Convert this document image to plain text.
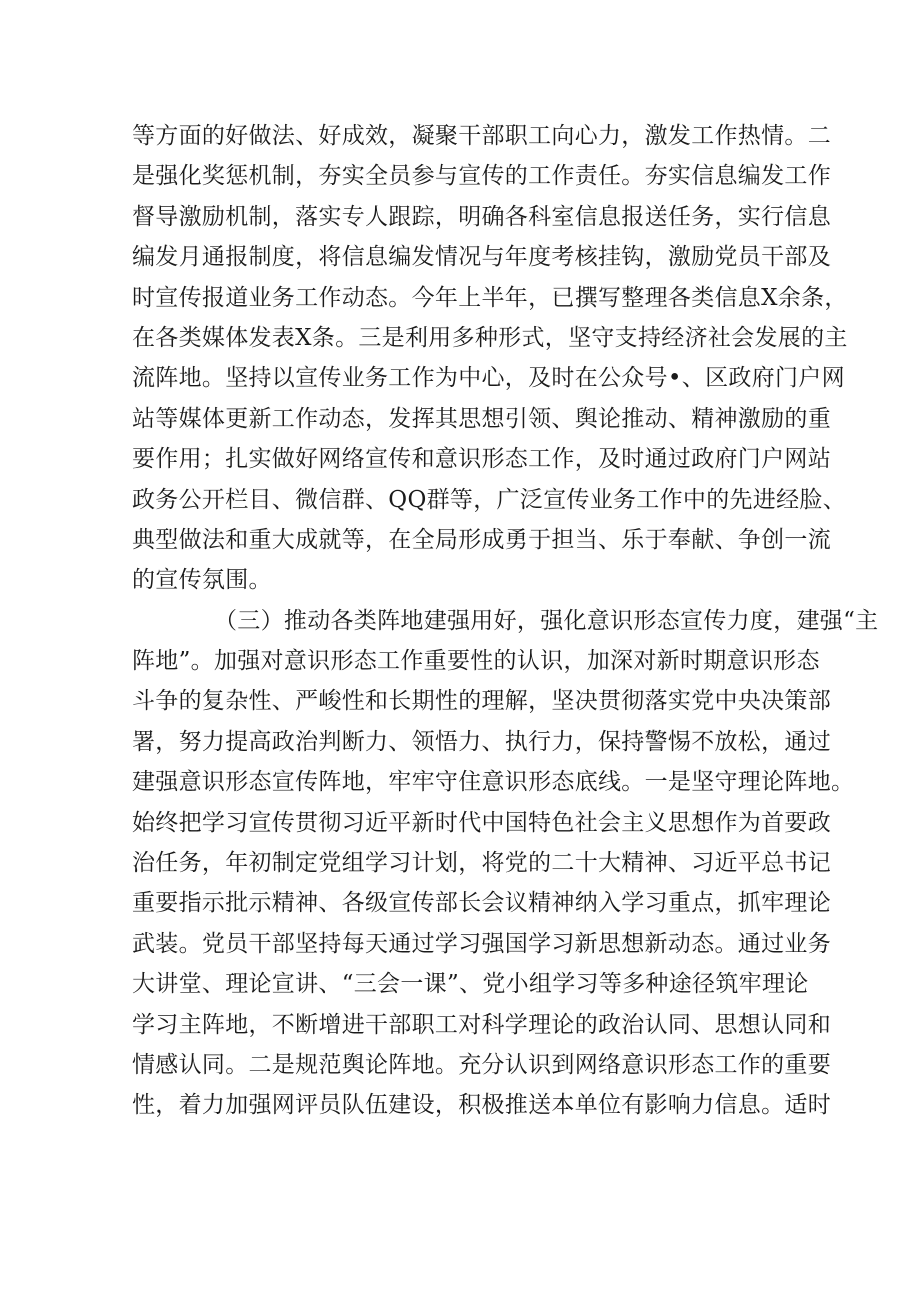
等方面的好做法、好成效，凝聚干部职工向心力，激发工作热情。二
是强化奖惩机制，夯实全员参与宣传的工作责任。夯实信息编发工作
督导激励机制，落实专人跟踪，明确各科室信息报送任务，实行信息
编发月通报制度，将信息编发情况与年度考核挂钩，激励党员干部及
时宣传报道业务工作动态。今年上半年，已撰写整理各类信息X余条，
在各类媒体发表X条。三是利用多种形式，坚守支持经济社会发展的主
流阵地。坚持以宣传业务工作为中心，及时在公众号•、区政府门户网
站等媒体更新工作动态，发挥其思想引领、舆论推动、精神激励的重
要作用；扎实做好网络宣传和意识形态工作，及时通过政府门户网站
政务公开栏目、微信群、QQ群等，广泛宣传业务工作中的先进经脸、
典型做法和重大成就等，在全局形成勇于担当、乐于奉献、争创一流
的宣传氛围。
（三）推动各类阵地建强用好，强化意识形态宣传力度，建强“主
阵地”。加强对意识形态工作重要性的认识，加深对新时期意识形态
斗争的复杂性、严峻性和长期性的理解，坚决贯彻落实党中央决策部
署，努力提高政治判断力、领悟力、执行力，保持警惕不放松，通过
建强意识形态宣传阵地，牢牢守住意识形态底线。一是坚守理论阵地。
始终把学习宣传贯彻习近平新时代中国特色社会主义思想作为首要政
治任务，年初制定党组学习计划，将党的二十大精神、习近平总书记
重要指示批示精神、各级宣传部长会议精神纳入学习重点，抓牢理论
武装。党员干部坚持每天通过学习强国学习新思想新动态。通过业务
大讲堂、理论宣讲、“三会一课”、党小组学习等多种途径筑牢理论
学习主阵地，不断增进干部职工对科学理论的政治认同、思想认同和
情感认同。二是规范舆论阵地。充分认识到网络意识形态工作的重要
性，着力加强网评员队伍建设，积极推送本单位有影响力信息。适时
